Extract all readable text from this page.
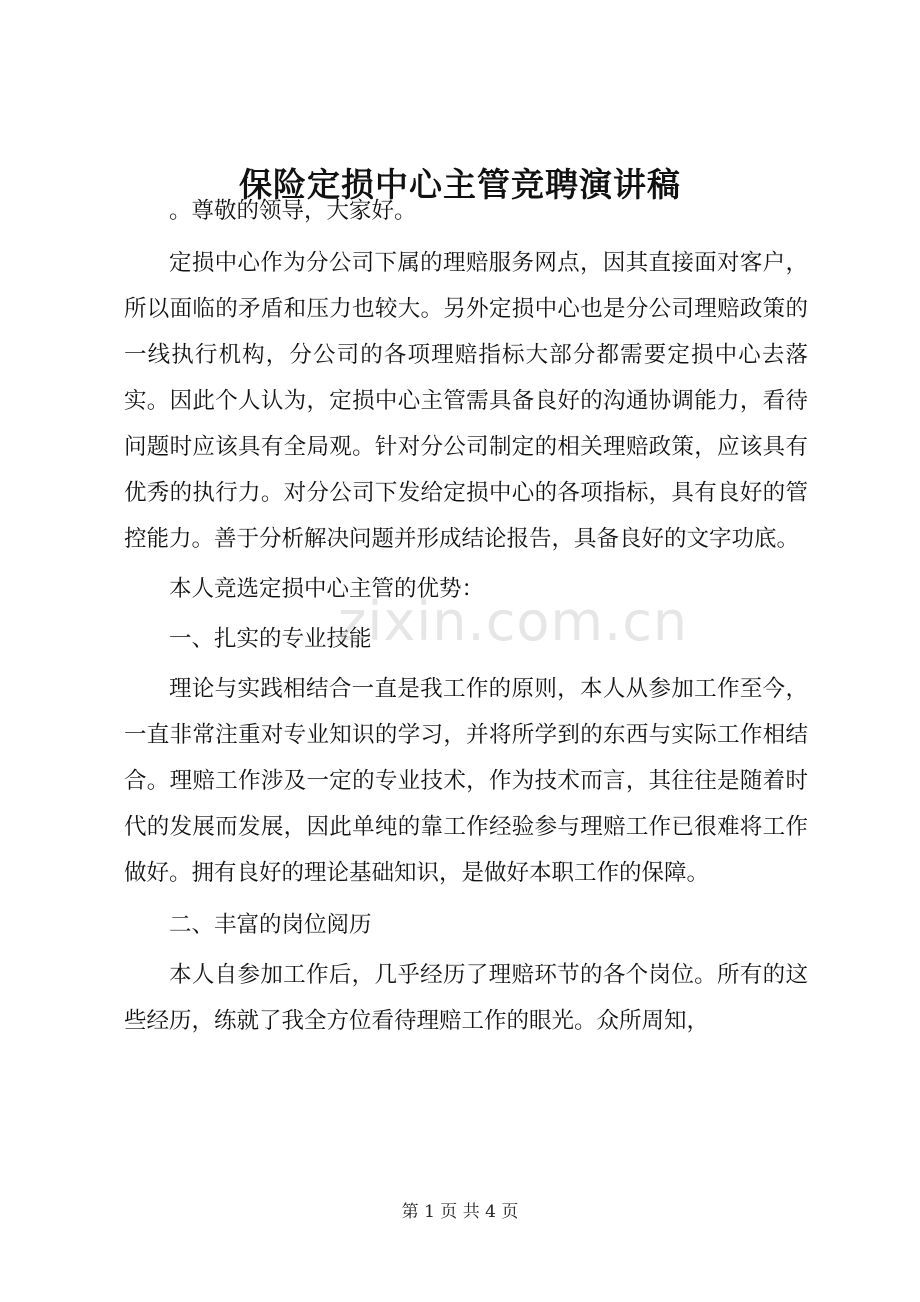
保险定损中心主管竞聘演讲稿

。尊敬的领导，大家好。

定损中心作为分公司下属的理赔服务网点，因其直接面对客户，所以面临的矛盾和压力也较大。另外定损中心也是分公司理赔政策的一线执行机构，分公司的各项理赔指标大部分都需要定损中心去落实。因此个人认为，定损中心主管需具备良好的沟通协调能力，看待问题时应该具有全局观。针对分公司制定的相关理赔政策，应该具有优秀的执行力。对分公司下发给定损中心的各项指标，具有良好的管控能力。善于分析解决问题并形成结论报告，具备良好的文字功底。

本人竞选定损中心主管的优势：

一、扎实的专业技能

理论与实践相结合一直是我工作的原则，本人从参加工作至今，一直非常注重对专业知识的学习，并将所学到的东西与实际工作相结合。理赔工作涉及一定的专业技术，作为技术而言，其往往是随着时代的发展而发展，因此单纯的靠工作经验参与理赔工作已很难将工作做好。拥有良好的理论基础知识，是做好本职工作的保障。

二、丰富的岗位阅历

本人自参加工作后，几乎经历了理赔环节的各个岗位。所有的这些经历，练就了我全方位看待理赔工作的眼光。众所周知，

zixin.com.cn
第 1 页 共 4 页
